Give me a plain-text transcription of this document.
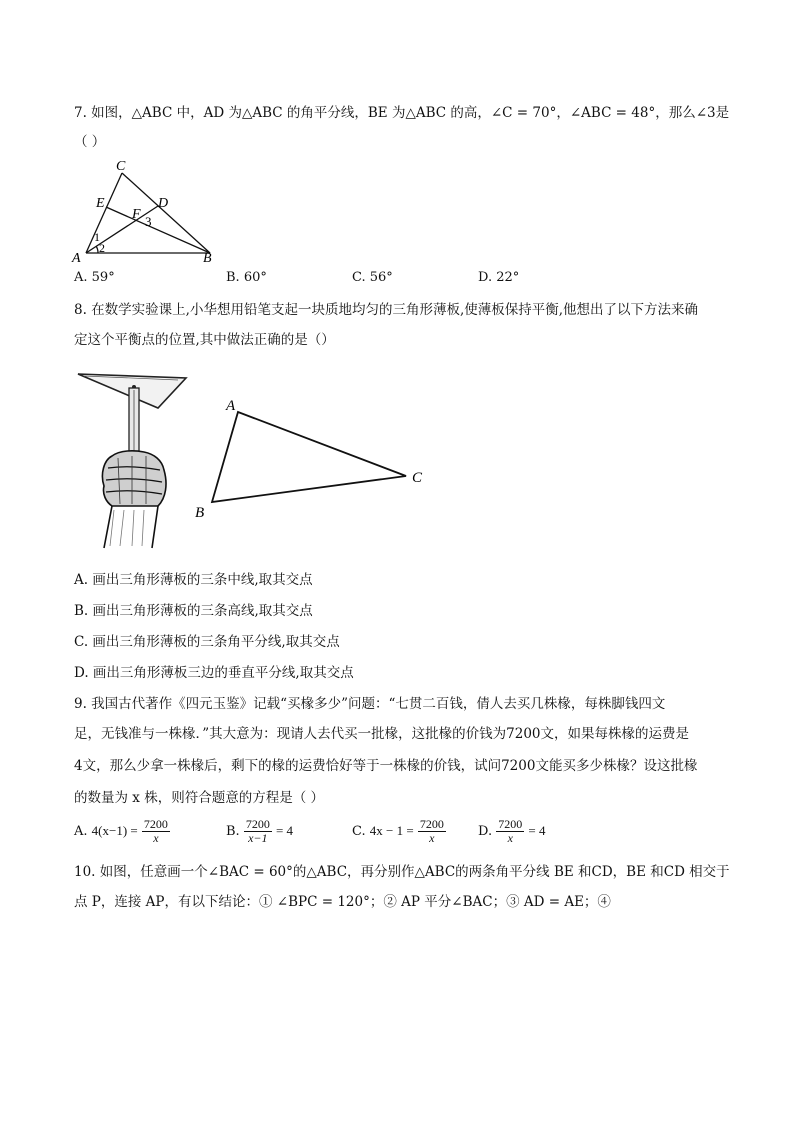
7. 如图，△ABC 中，AD 为△ABC 的角平分线，BE 为△ABC 的高，∠C = 70°，∠ABC = 48°，那么∠3是
（ ）
C
E	D
F 3
1
2
A	B
A. 59°	B. 60°	C. 56°	D. 22°
8. 在数学实验课上,小华想用铅笔支起一块质地均匀的三角形薄板,使薄板保持平衡,他想出了以下方法来确
定这个平衡点的位置,其中做法正确的是（）
A
C
B
A. 画出三角形薄板的三条中线,取其交点
B. 画出三角形薄板的三条高线,取其交点
C. 画出三角形薄板的三条角平分线,取其交点
D. 画出三角形薄板三边的垂直平分线,取其交点
9. 我国古代著作《四元玉鉴》记载“买椽多少”问题：“七贯二百钱，倩人去买几株椽，每株脚钱四文
足，无钱准与一株椽．”其大意为：现请人去代买一批椽，这批椽的价钱为7200文，如果每株椽的运费是
4文，那么少拿一株椽后，剩下的椽的运费恰好等于一株椽的价钱，试问7200文能买多少株椽？设这批椽
的数量为 x 株，则符合题意的方程是（ ）
A. $4(x-1) = \frac{7200}{x}$	B. $\frac{7200}{x-1} = 4$	C. $4x - 1 = \frac{7200}{x} D$. $\frac{7200}{x} = 4$
10. 如图，任意画一个∠BAC = 60°的△ABC，再分别作△ABC的两条角平分线 BE 和CD，BE 和CD 相交于
点 P，连接 AP，有以下结论：① ∠BPC = 120°；② AP 平分∠BAC；③ AD = AE；④
